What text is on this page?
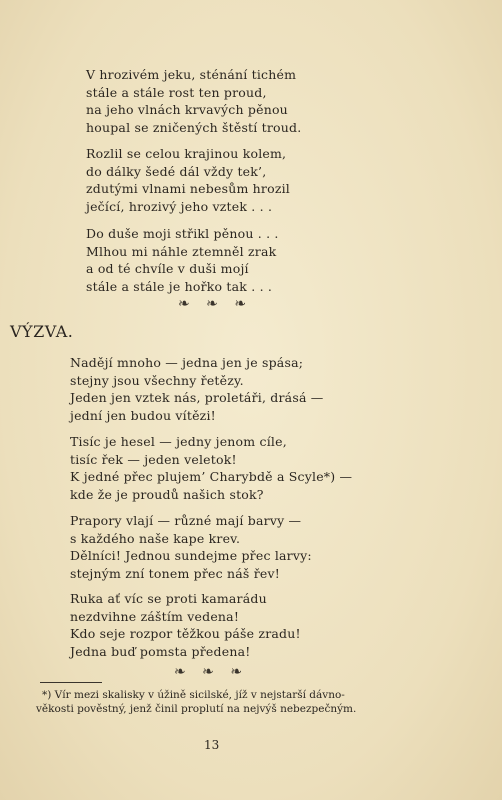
V hrozivém jeku, sténání tichém
stále a stále rost ten proud,
na jeho vlnách krvavých pěnou
houpal se zničených štěstí troud.
Rozlil se celou krajinou kolem,
do dálky šedé dál vždy tek’,
zdutými vlnami nebesům hrozil
ječící, hrozivý jeho vztek . . .
Do duše moji střikl pěnou . . .
Mlhou mi náhle ztemněl zrak
a od té chvíle v duši mojí
stále a stále je hořko tak . . .
❧ ❧ ❧
VÝZVA.
Nadějí mnoho — jedna jen je spása;
stejny jsou všechny řetězy.
Jeden jen vztek nás, proletáři, drásá —
jední jen budou vítězi!
Tisíc je hesel — jedny jenom cíle,
tisíc řek — jeden veletok!
K jedné přec plujem’ Charybdě a Scyle*) —
kde že je proudů našich stok?
Prapory vlají — různé mají barvy —
s každého naše kape krev.
Dělníci! Jednou sundejme přec larvy:
stejným zní tonem přec náš řev!
Ruka ať víc se proti kamarádu
nezdvihne záštím vedena!
Kdo seje rozpor těžkou páše zradu!
Jedna buď pomsta předena!
❧ ❧ ❧
*) Vír mezi skalisky v úžině sicilské, jíž v nejstarší dávno-
věkosti pověstný, jenž činil proplutí na nejvýš nebezpečným.
13
